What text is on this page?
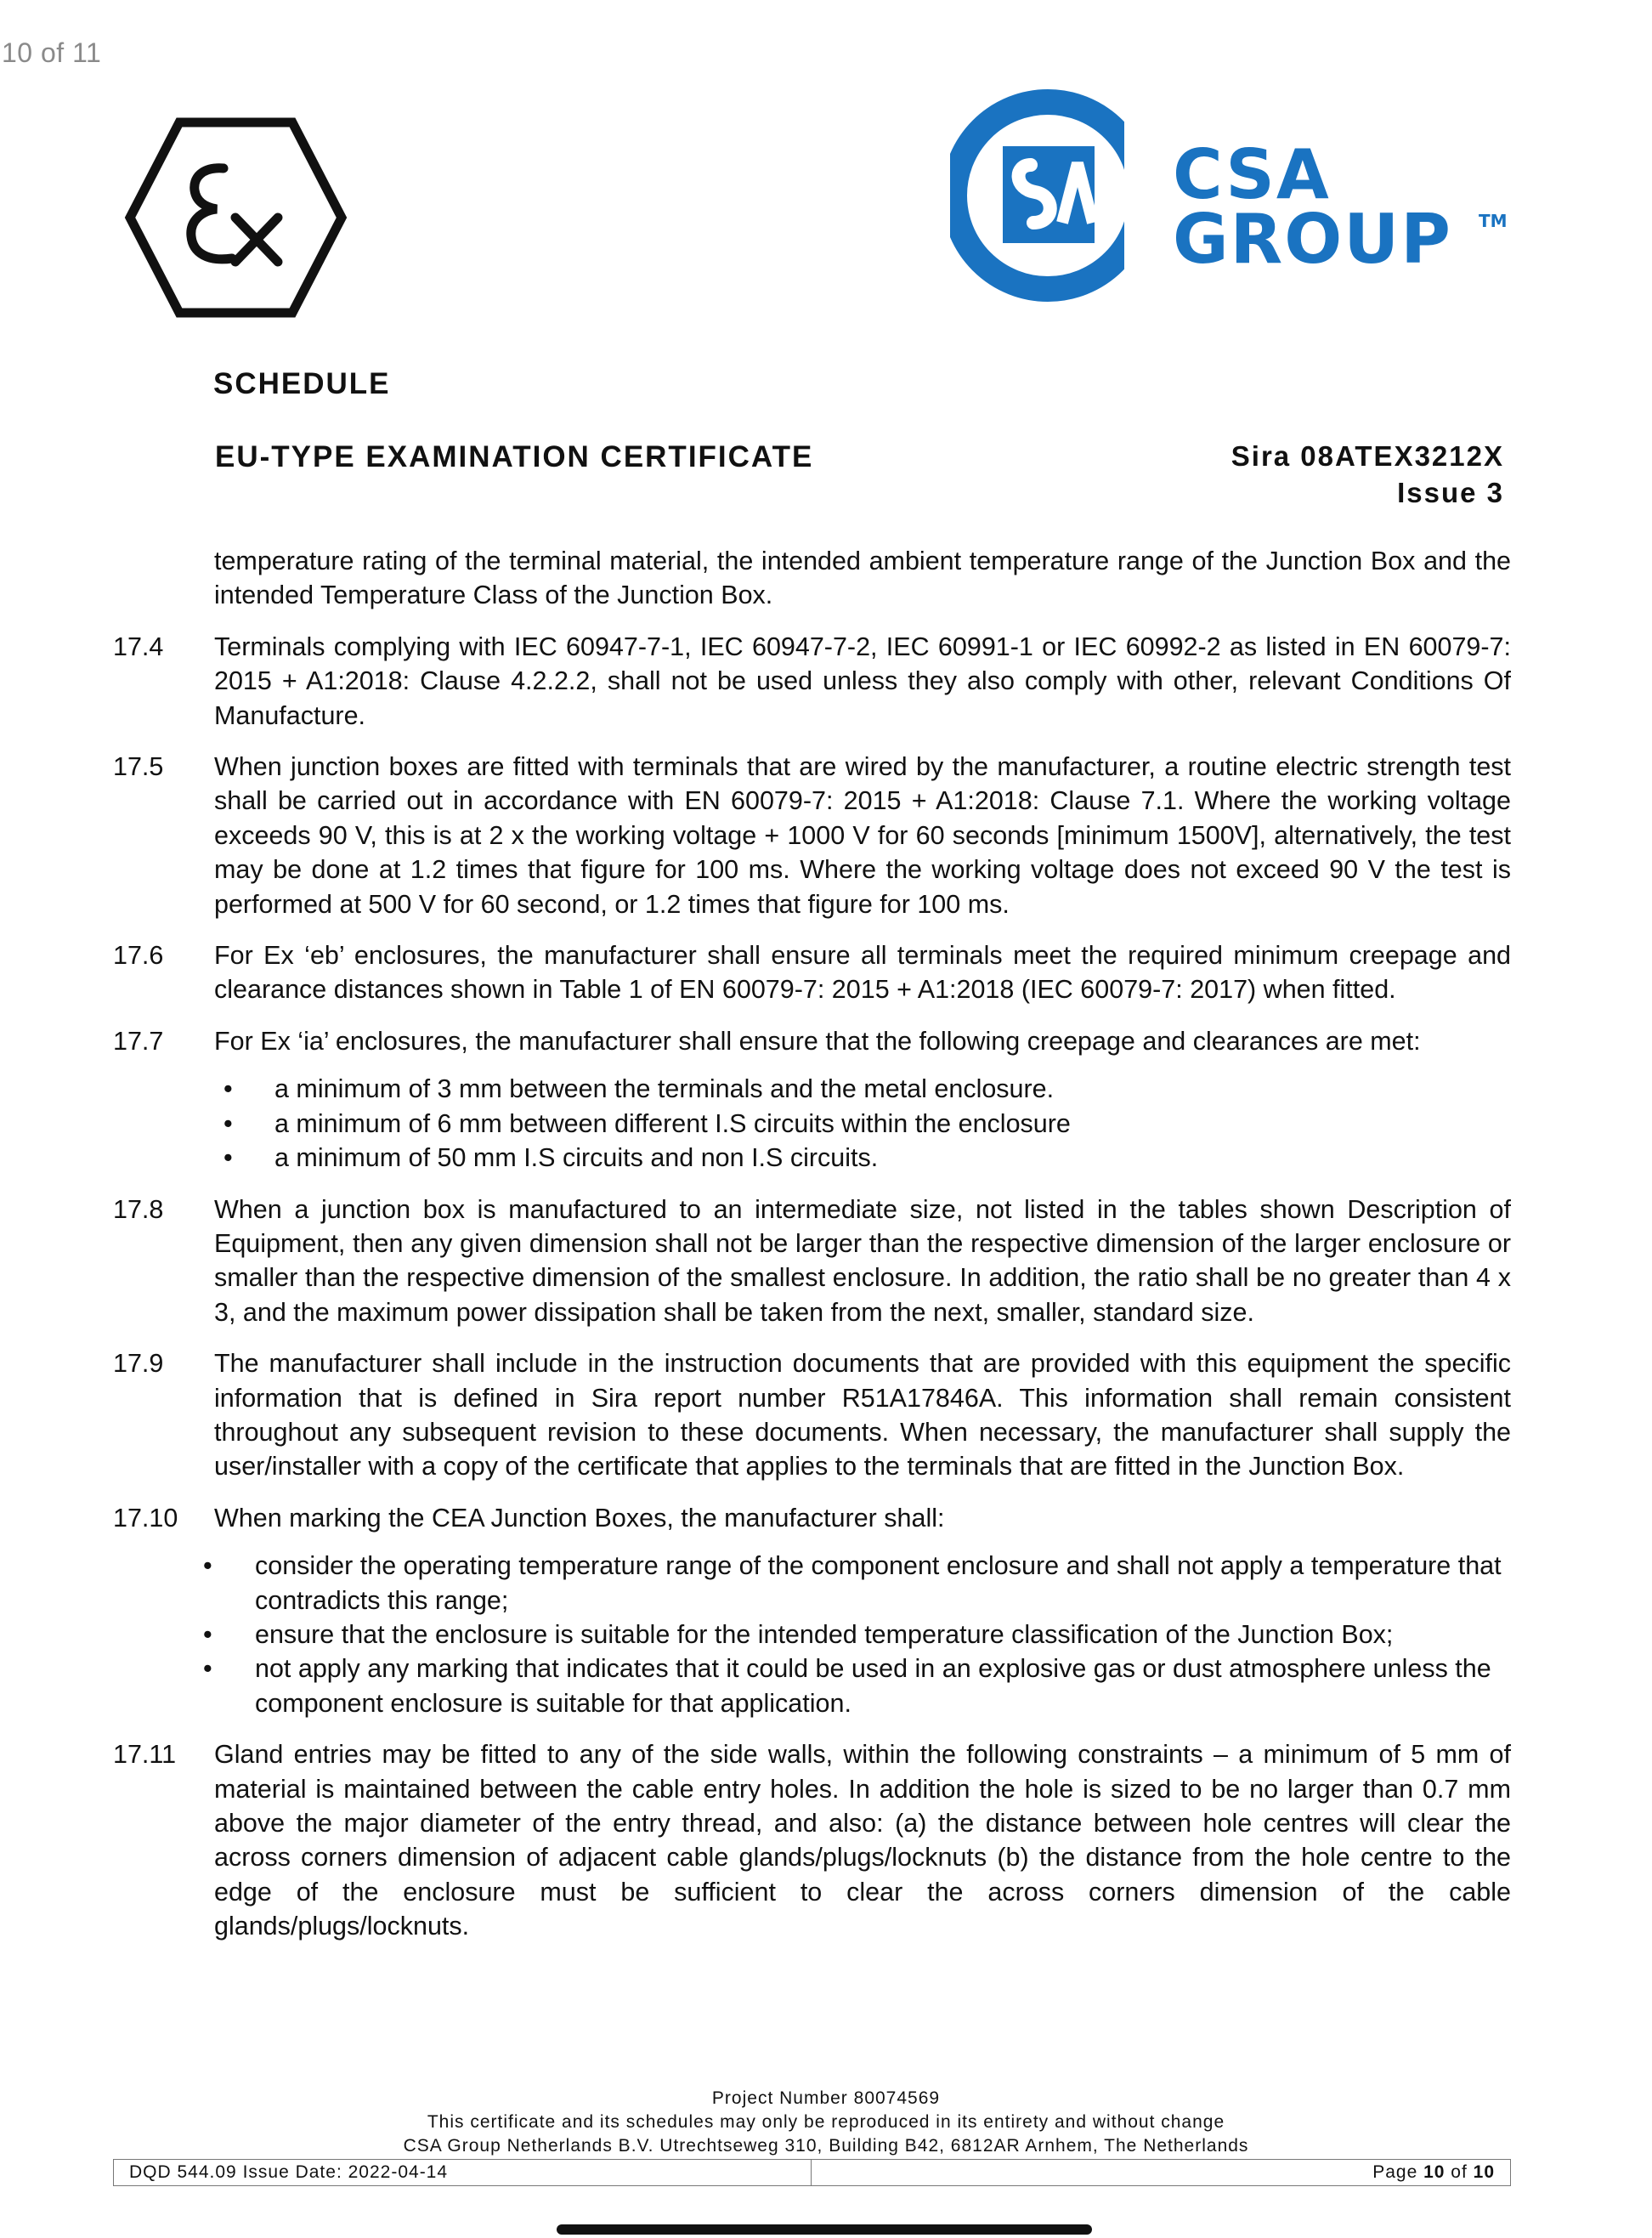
10 of 11
CSA
GROUP TM
SCHEDULE
EU-TYPE EXAMINATION CERTIFICATE	Sira 08ATEX3212X
Issue 3
temperature rating of the terminal material, the intended ambient temperature range of the Junction Box and the intended Temperature Class of the Junction Box.
17.4	Terminals complying with IEC 60947-7-1, IEC 60947-7-2, IEC 60991-1 or IEC 60992-2 as listed in EN 60079-7: 2015 + A1:2018: Clause 4.2.2.2, shall not be used unless they also comply with other, relevant Conditions Of Manufacture.
17.5	When junction boxes are fitted with terminals that are wired by the manufacturer, a routine electric strength test shall be carried out in accordance with EN 60079-7: 2015 + A1:2018: Clause 7.1. Where the working voltage exceeds 90 V, this is at 2 x the working voltage + 1000 V for 60 seconds [minimum 1500V], alternatively, the test may be done at 1.2 times that figure for 100 ms. Where the working voltage does not exceed 90 V the test is performed at 500 V for 60 second, or 1.2 times that figure for 100 ms.
17.6	For Ex ‘eb’ enclosures, the manufacturer shall ensure all terminals meet the required minimum creepage and clearance distances shown in Table 1 of EN 60079-7: 2015 + A1:2018 (IEC 60079-7: 2017) when fitted.
17.7	For Ex ‘ia’ enclosures, the manufacturer shall ensure that the following creepage and clearances are met:
• a minimum of 3 mm between the terminals and the metal enclosure.
• a minimum of 6 mm between different I.S circuits within the enclosure
• a minimum of 50 mm I.S circuits and non I.S circuits.
17.8	When a junction box is manufactured to an intermediate size, not listed in the tables shown Description of Equipment, then any given dimension shall not be larger than the respective dimension of the larger enclosure or smaller than the respective dimension of the smallest enclosure. In addition, the ratio shall be no greater than 4 x 3, and the maximum power dissipation shall be taken from the next, smaller, standard size.
17.9	The manufacturer shall include in the instruction documents that are provided with this equipment the specific information that is defined in Sira report number R51A17846A. This information shall remain consistent throughout any subsequent revision to these documents. When necessary, the manufacturer shall supply the user/installer with a copy of the certificate that applies to the terminals that are fitted in the Junction Box.
17.10	When marking the CEA Junction Boxes, the manufacturer shall:
• consider the operating temperature range of the component enclosure and shall not apply a temperature that contradicts this range;
• ensure that the enclosure is suitable for the intended temperature classification of the Junction Box;
• not apply any marking that indicates that it could be used in an explosive gas or dust atmosphere unless the component enclosure is suitable for that application.
17.11	Gland entries may be fitted to any of the side walls, within the following constraints – a minimum of 5 mm of material is maintained between the cable entry holes. In addition the hole is sized to be no larger than 0.7 mm above the major diameter of the entry thread, and also: (a) the distance between hole centres will clear the across corners dimension of adjacent cable glands/plugs/locknuts (b) the distance from the hole centre to the edge of the enclosure must be sufficient to clear the across corners dimension of the cable glands/plugs/locknuts.
Project Number 80074569
This certificate and its schedules may only be reproduced in its entirety and without change
CSA Group Netherlands B.V. Utrechtseweg 310, Building B42, 6812AR Arnhem, The Netherlands
DQD 544.09 Issue Date: 2022-04-14	Page 10 of 10
